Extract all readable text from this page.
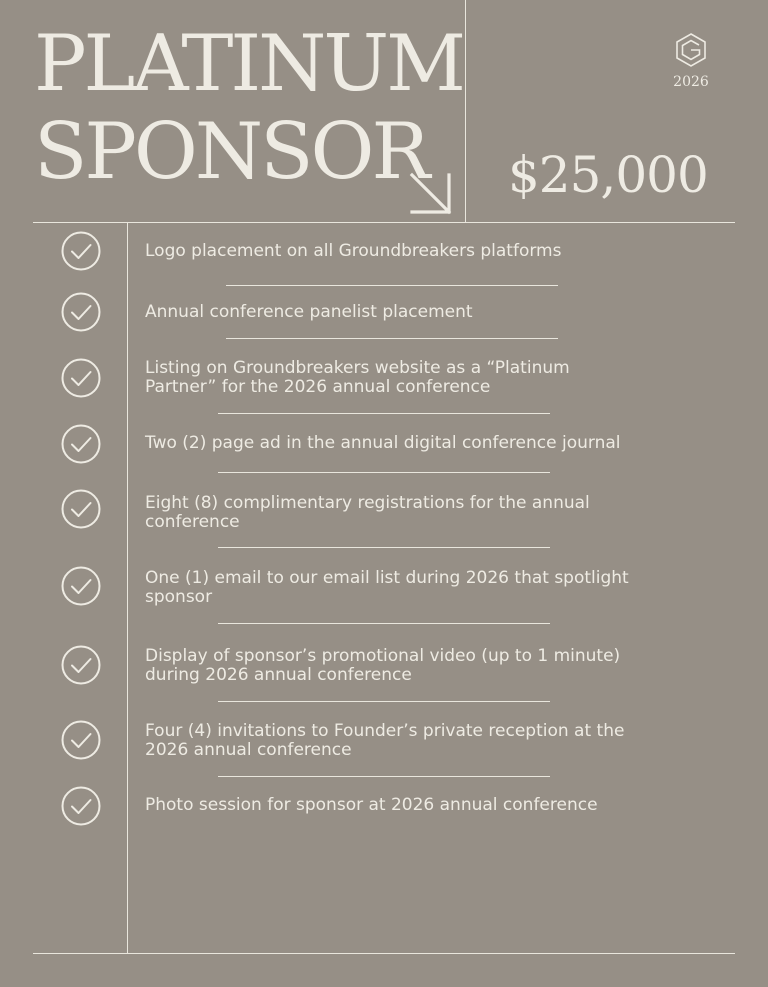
PLATINUM
SPONSOR
2026
$25,000
Logo placement on all Groundbreakers platforms
Annual conference panelist placement
Listing on Groundbreakers website as a “Platinum Partner” for the 2026 annual conference
Two (2) page ad in the annual digital conference journal
Eight (8) complimentary registrations for the annual conference
One (1) email to our email list during 2026 that spotlight sponsor
Display of sponsor’s promotional video (up to 1 minute) during 2026 annual conference
Four (4) invitations to Founder’s private reception at the 2026 annual conference
Photo session for sponsor at 2026 annual conference
